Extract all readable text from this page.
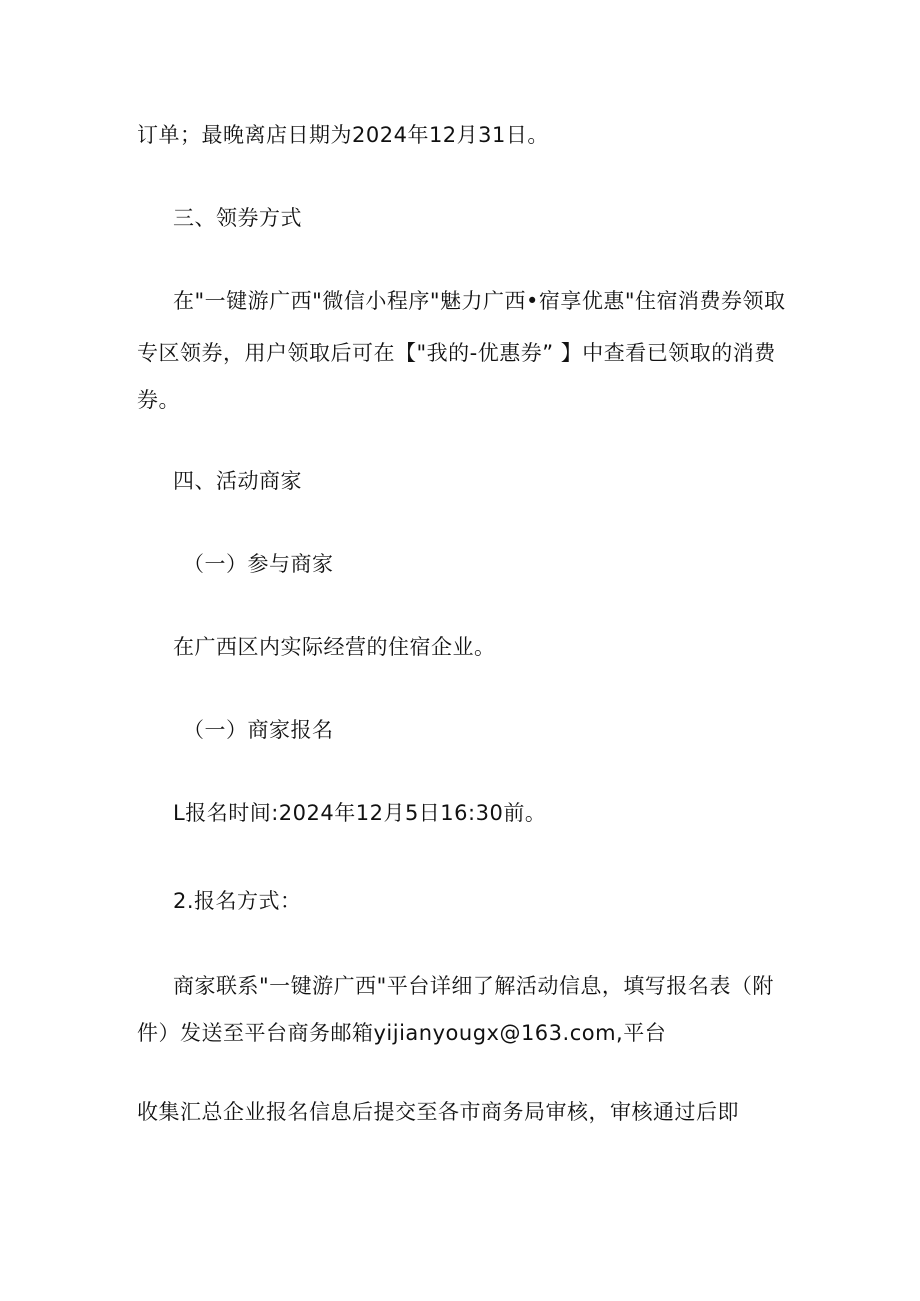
订单；最晚离店日期为2024年12月31日。

三、领券方式

在"一键游广西"微信小程序"魅力广西•宿享优惠"住宿消费券领取

专区领券，用户领取后可在【"我的-优惠券” 】中查看已领取的消费

券。

四、活动商家
（一）参与商家

在广西区内实际经营的住宿企业。

（一）商家报名

L报名时间:2024年12月5日16:30前。

2.报名方式：

商家联系"一键游广西"平台详细了解活动信息，填写报名表（附

件）发送至平台商务邮箱yijianyougx@163.com,平台

收集汇总企业报名信息后提交至各市商务局审核，审核通过后即
